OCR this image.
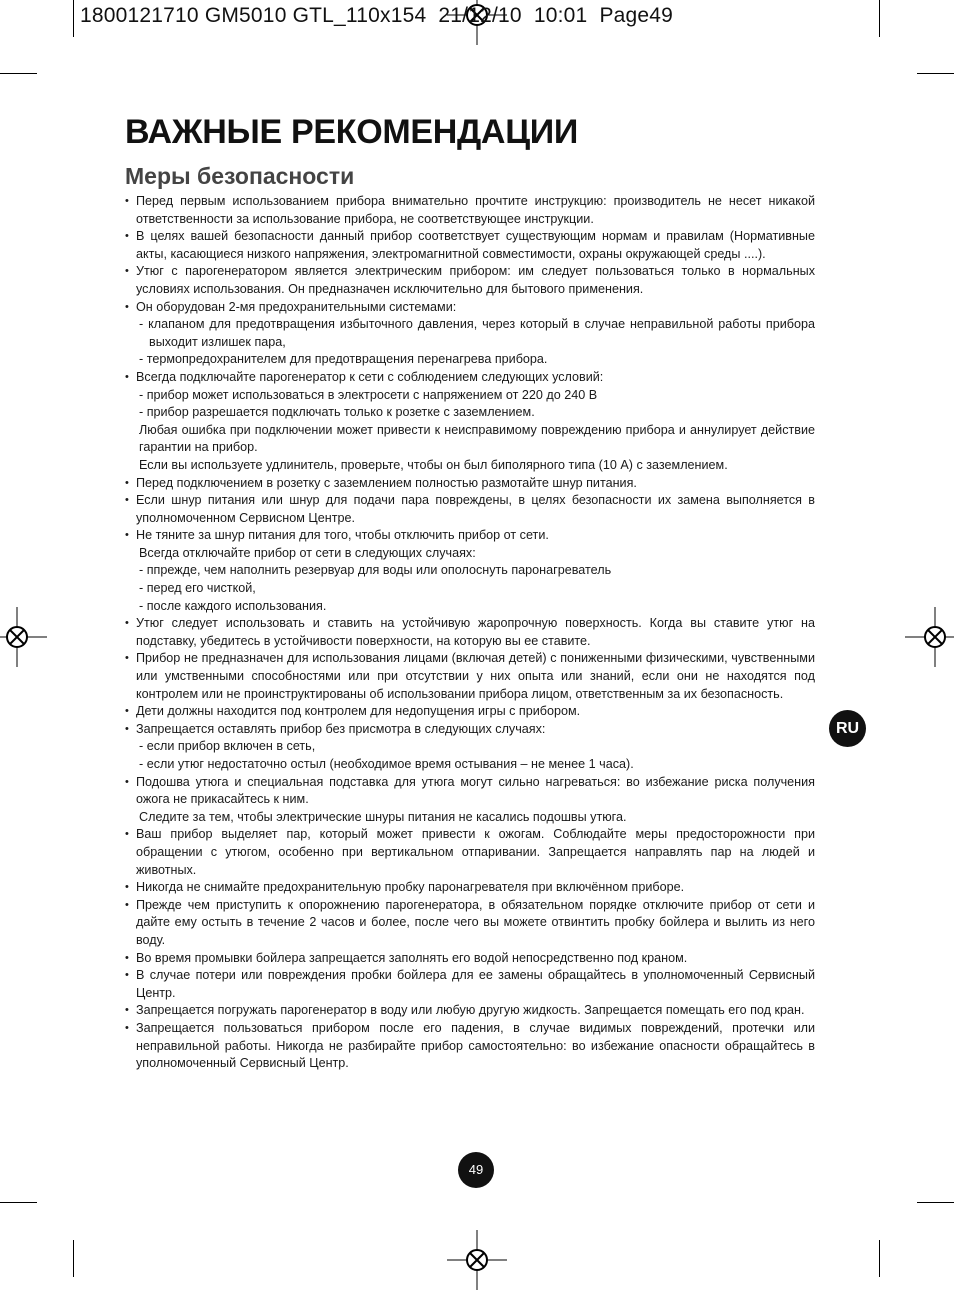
1800121710 GM5010 GTL_110x154  21/12/10  10:01  Page49
ВАЖНЫЕ РЕКОМЕНДАЦИИ
Меры безопасности
• Перед первым использованием прибора внимательно прочтите инструкцию: производитель не несет никакой ответственности за использование прибора, не соответствующее инструкции.
• В целях вашей безопасности данный прибор соответствует существующим нормам и правилам (Нормативные акты, касающиеся низкого напряжения, электромагнитной совместимости, охраны окружающей среды ....).
• Утюг с парогенератором является электрическим прибором: им следует пользоваться только в нормальных условиях использования. Он предназначен исключительно для бытового применения.
• Он оборудован 2-мя предохранительными системами:
- клапаном для предотвращения избыточного давления, через который в случае неправильной работы прибора выходит излишек пара,
- термопредохранителем для предотвращения перенагрева прибора.
• Всегда подключайте парогенератор к сети с соблюдением следующих условий:
- прибор может использоваться в электросети с напряжением от 220 до 240 В
- прибор разрешается подключать только к розетке с заземлением.
Любая ошибка при подключении может привести к неисправимому повреждению прибора и аннулирует действие гарантии на прибор.
Если вы используете удлинитель, проверьте, чтобы он был биполярного типа (10 А) с заземлением.
• Перед подключением в розетку с заземлением полностью размотайте шнур питания.
• Если шнур питания или шнур для подачи пара повреждены, в целях безопасности их замена выполняется в уполномоченном Сервисном Центре.
• Не тяните за шнур питания для того, чтобы отключить прибор от сети.
Всегда отключайте прибор от сети в следующих случаях:
- ппрежде, чем наполнить резервуар для воды или ополоснуть паронагреватель
- перед его чисткой,
- после каждого использования.
• Утюг следует использовать и ставить на устойчивую жаропрочную поверхность. Когда вы ставите утюг на подставку, убедитесь в устойчивости поверхности, на которую вы ее ставите.
• Прибор не предназначен для использования лицами (включая детей) с пониженными физическими, чувственными или умственными способностями или при отсутствии у них опыта или знаний, если они не находятся под контролем или не проинструктированы об использовании прибора лицом, ответственным за их безопасность.
• Дети должны находится под контролем для недопущения игры с прибором.
• Запрещается оставлять прибор без присмотра в следующих случаях:
- если прибор включен в сеть,
- если утюг недостаточно остыл (необходимое время остывания – не менее 1 часа).
• Подошва утюга и специальная подставка для утюга могут сильно нагреваться: во избежание риска получения ожога не прикасайтесь к ним.
Следите за тем, чтобы электрические шнуры питания не касались подошвы утюга.
• Ваш прибор выделяет пар, который может привести к ожогам. Соблюдайте меры предосторожности при обращении с утюгом, особенно при вертикальном отпаривании. Запрещается направлять пар на людей и животных.
• Никогда не снимайте предохранительную пробку паронагревателя при включённом приборе.
• Прежде чем приступить к опорожнению парогенератора, в обязательном порядке отключите прибор от сети и дайте ему остыть в течение 2 часов и более, после чего вы можете отвинтить пробку бойлера и вылить из него воду.
• Во время промывки бойлера запрещается заполнять его водой непосредственно под краном.
• В случае потери или повреждения пробки бойлера для ее замены обращайтесь в уполномоченный Сервисный Центр.
• Запрещается погружать парогенератор в воду или любую другую жидкость. Запрещается помещать его под кран.
• Запрещается пользоваться прибором после его падения, в случае видимых повреждений, протечки или неправильной работы. Никогда не разбирайте прибор самостоятельно: во избежание опасности обращайтесь в уполномоченный Сервисный Центр.
RU
49
